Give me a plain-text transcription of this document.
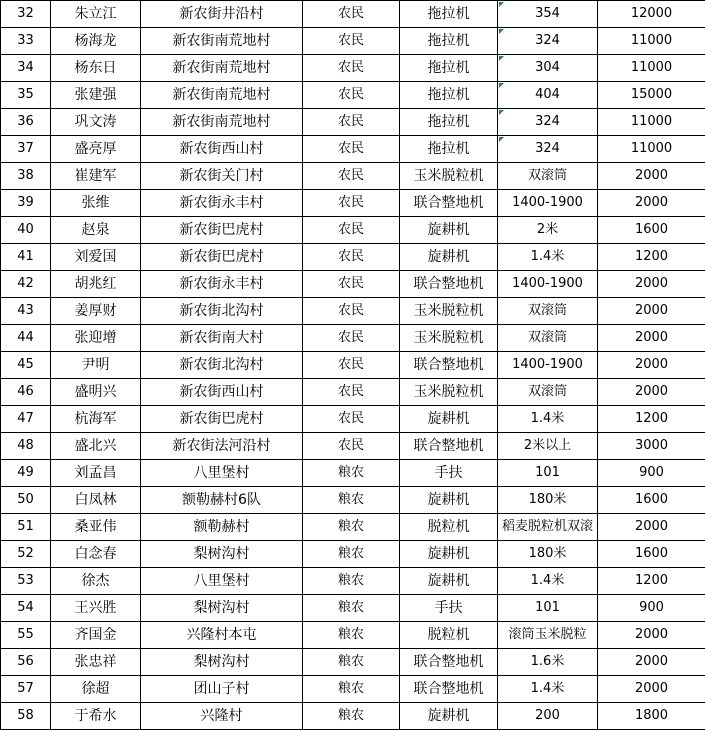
32	朱立江	新农街井沿村	农民	拖拉机	354	12000
33	杨海龙	新农街南荒地村	农民	拖拉机	324	11000
34	杨东日	新农街南荒地村	农民	拖拉机	304	11000
35	张建强	新农街南荒地村	农民	拖拉机	404	15000
36	巩文涛	新农街南荒地村	农民	拖拉机	324	11000
37	盛亮厚	新农街西山村	农民	拖拉机	324	11000
38	崔建军	新农街关门村	农民	玉米脱粒机	双滚筒	2000
39	张维	新农街永丰村	农民	联合整地机	1400-1900	2000
40	赵泉	新农街巴虎村	农民	旋耕机	2米	1600
41	刘爱国	新农街巴虎村	农民	旋耕机	1.4米	1200
42	胡兆红	新农街永丰村	农民	联合整地机	1400-1900	2000
43	姜厚财	新农街北沟村	农民	玉米脱粒机	双滚筒	2000
44	张迎增	新农街南大村	农民	玉米脱粒机	双滚筒	2000
45	尹明	新农街北沟村	农民	联合整地机	1400-1900	2000
46	盛明兴	新农街西山村	农民	玉米脱粒机	双滚筒	2000
47	杭海军	新农街巴虎村	农民	旋耕机	1.4米	1200
48	盛北兴	新农街法河沿村	农民	联合整地机	2米以上	3000
49	刘孟昌	八里堡村	粮农	手扶	101	900
50	白凤林	额勒赫村6队	粮农	旋耕机	180米	1600
51	桑亚伟	额勒赫村	粮农	脱粒机	稻麦脱粒机双滚	2000
52	白念春	梨树沟村	粮农	旋耕机	180米	1600
53	徐杰	八里堡村	粮农	旋耕机	1.4米	1200
54	王兴胜	梨树沟村	粮农	手扶	101	900
55	齐国金	兴隆村本屯	粮农	脱粒机	滚筒玉米脱粒	2000
56	张忠祥	梨树沟村	粮农	联合整地机	1.6米	2000
57	徐超	团山子村	粮农	联合整地机	1.4米	2000
58	于希水	兴隆村	粮农	旋耕机	200	1800
